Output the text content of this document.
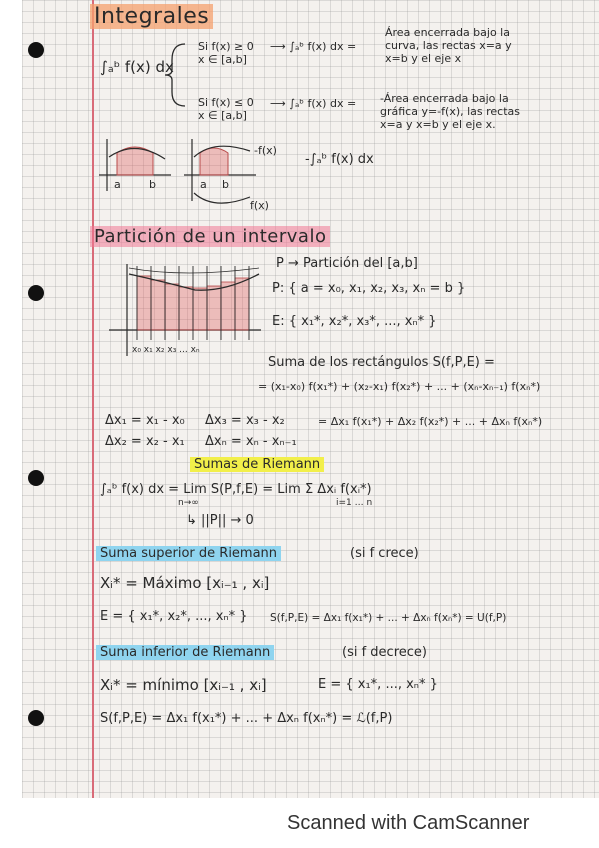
Integrales
∫ₐᵇ f(x) dx
Si f(x) ≥ 0
x ∈ [a,b]
⟶ ∫ₐᵇ f(x) dx =
Área encerrada bajo la
curva, las rectas x=a y
x=b y el eje x
Si f(x) ≤ 0
x ∈ [a,b]
⟶ ∫ₐᵇ f(x) dx = -Área encerrada bajo la
gráfica y=-f(x), las rectas
x=a y x=b y el eje x.
a	b	a b
-f(x)
f(x)
-∫ₐᵇ f(x) dx
Partición de un intervalo
x₀ x₁ x₂ x₃ ... xₙ
P → Partición del [a,b]
P: { a = x₀, x₁, x₂, x₃, xₙ = b }
E: { x₁*, x₂*, x₃*, ..., xₙ* }
Suma de los rectángulos S(f,P,E) =
= (x₁-x₀) f(x₁*) + (x₂-x₁) f(x₂*) + ... + (xₙ-xₙ₋₁) f(xₙ*)
Δx₁ = x₁ - x₀ Δx₃ = x₃ - x₂	= Δx₁ f(x₁*) + Δx₂ f(x₂*) + ... + Δxₙ f(xₙ*)
Δx₂ = x₂ - x₁ Δxₙ = xₙ - xₙ₋₁
Sumas de Riemann
∫ₐᵇ f(x) dx = Lim S(P,f,E) = Lim Σ Δxᵢ f(xᵢ*)
n→∞	i=1 … n
↳ ||P|| → 0
Suma superior de Riemann	(si f crece)
Xᵢ* = Máximo [xᵢ₋₁ , xᵢ]
E = { x₁*, x₂*, ..., xₙ* } S(f,P,E) = Δx₁ f(x₁*) + ... + Δxₙ f(xₙ*) = U(f,P)
Suma inferior de Riemann	(si f decrece)
Xᵢ* = mínimo [xᵢ₋₁ , xᵢ]	E = { x₁*, ..., xₙ* }
S(f,P,E) = Δx₁ f(x₁*) + ... + Δxₙ f(xₙ*) = ℒ(f,P)
Scanned with CamScanner
